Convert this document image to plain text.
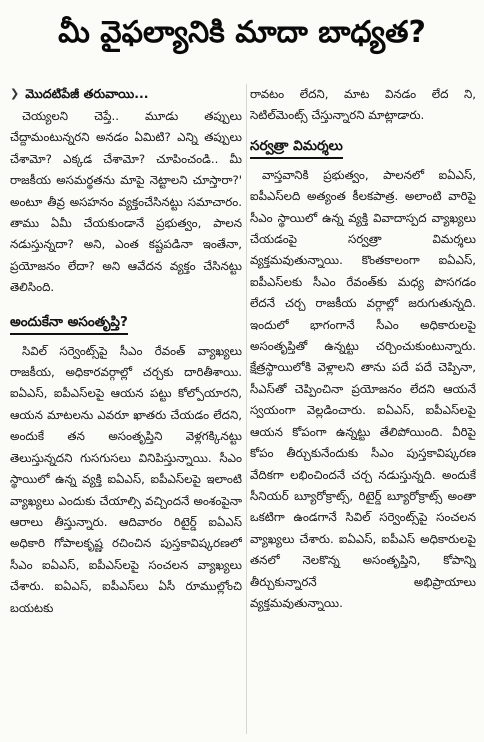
మీ వైఫల్యానికి మాదా బాధ్యత?
❯ మొదటిపేజీ తరువాయి...

చెయ్యలని చెప్తే.. మూడు తప్పులు చేద్దామంటున్నరని అనడం ఏమిటి? ఎన్ని తప్పులు చేశామో? ఎక్కడ చేశామో? చూపించండి.. మీ రాజకీయ అసమర్థతను మాపై నెట్టాలని చూస్తారా?' అంటూ తీవ్ర అసహనం వ్యక్తంచేసినట్టు సమాచారం. తాము ఏమీ చేయకుండానే ప్రభుత్వం, పాలన నడుస్తున్నదా? అని, ఎంత కష్టపడినా ఇంతేనా, ప్రయోజనం లేదా? అని ఆవేదన వ్యక్తం చేసినట్టు తెలిసింది.

అందుకేనా అసంతృప్తి?

సివిల్ సర్వెంట్స్‌పై సీఎం రేవంత్ వ్యాఖ్యలు రాజకీయ, అధికారవర్గాల్లో చర్చకు దారితీశాయి. ఐఏఎస్, ఐపీఎస్‌లపై ఆయన పట్టు కోల్పోయారని, ఆయన మాటలను ఎవరూ ఖాతరు చేయడం లేదని, అందుకే తన అసంతృప్తిని వెళ్లగక్కినట్టు తెలుస్తున్నదని గుసగుసలు వినిపిస్తున్నాయి. సీఎం స్థాయిలో ఉన్న వ్యక్తి ఐఏఎస్, ఐపీఎస్‌లపై ఇలాంటి వ్యాఖ్యలు ఎందుకు చేయాల్సి వచ్చిందనే అంశంపైనా ఆరాలు తీస్తున్నారు. ఆదివారం రిటైర్డ్ ఐఏఎస్ అధికారి గోపాలకృష్ణ రచించిన పుస్తకావిష్కరణలో సీఎం ఐఏఎస్, ఐపీఎస్‌లపై సంచలన వ్యాఖ్యలు చేశారు. ఐఏఎస్, ఐపీఎస్‌లు ఏసీ రూముల్లోంచి బయటకు

రావటం లేదని, మాట వినడం లేద ని, సెటిల్‌మెంట్స్ చేస్తున్నారని మాట్లాడారు.

సర్వత్రా విమర్శలు

వాస్తవానికి ప్రభుత్వం, పాలనలో ఐఏఎస్, ఐపీఎస్‌లది అత్యంత కీలకపాత్ర. అలాంటి వారిపై సీఎం స్థాయిలో ఉన్న వ్యక్తి వివాదాస్పద వ్యాఖ్యలు చేయడంపై సర్వత్రా విమర్శలు వ్యక్తమవుతున్నాయి. కొంతకాలంగా ఐఏఎస్, ఐపీఎస్‌లకు సీఎం రేవంత్‌కు మధ్య పొసగడం లేదనే చర్చ రాజకీయ వర్గాల్లో జరుగుతున్నది. ఇందులో భాగంగానే సీఎం అధికారులపై అసంతృప్తితో ఉన్నట్టు చర్చించుకుంటున్నారు. క్షేత్రస్థాయిలోకి వెళ్లాలని తాను పదే పదే చెప్పినా, సీఎస్‌తో చెప్పించినా ప్రయోజనం లేదని ఆయనే స్వయంగా వెల్లడించారు. ఐఏఎస్, ఐపీఎస్‌లపై ఆయన కోపంగా ఉన్నట్టు తేలిపోయింది. వీరిపై కోపం తీర్చుకునేందుకు సీఎం పుస్తకావిష్కరణ వేదికగా లభించిందనే చర్చ నడుస్తున్నది. అందుకే సీనియర్ బ్యూరోక్రాట్స్, రిటైర్డ్ బ్యూరోక్రాట్స్ అంతా ఒకటిగా ఉండగానే సివిల్ సర్వెంట్స్‌పై సంచలన వ్యాఖ్యలు చేశారు. ఐఏఎస్, ఐపీఎస్ అధికారులపై తనలో నెలకొన్న అసంతృప్తిని, కోపాన్ని తీర్చుకున్నారనే అభిప్రాయాలు వ్యక్తమవుతున్నాయి.
